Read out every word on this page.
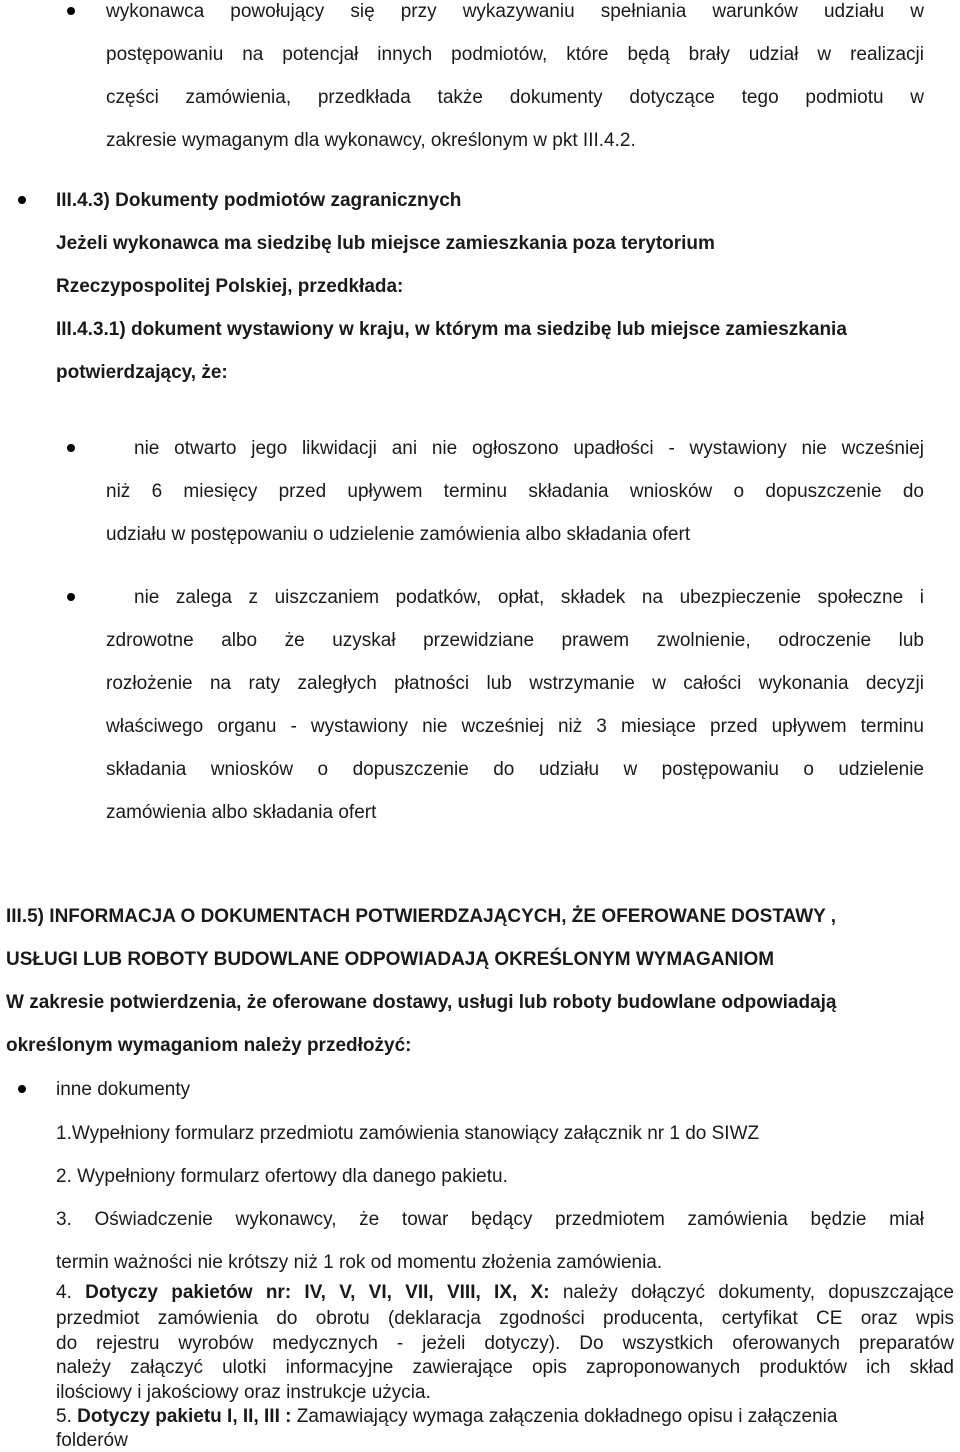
wykonawca powołujący się przy wykazywaniu spełniania warunków udziału w
postępowaniu na potencjał innych podmiotów, które będą brały udział w realizacji
części zamówienia, przedkłada także dokumenty dotyczące tego podmiotu w
zakresie wymaganym dla wykonawcy, określonym w pkt III.4.2.
III.4.3) Dokumenty podmiotów zagranicznych
Jeżeli wykonawca ma siedzibę lub miejsce zamieszkania poza terytorium
Rzeczypospolitej Polskiej, przedkłada:
III.4.3.1) dokument wystawiony w kraju, w którym ma siedzibę lub miejsce zamieszkania
potwierdzający, że:
nie otwarto jego likwidacji ani nie ogłoszono upadłości - wystawiony nie wcześniej
niż 6 miesięcy przed upływem terminu składania wniosków o dopuszczenie do
udziału w postępowaniu o udzielenie zamówienia albo składania ofert
nie zalega z uiszczaniem podatków, opłat, składek na ubezpieczenie społeczne i
zdrowotne albo że uzyskał przewidziane prawem zwolnienie, odroczenie lub
rozłożenie na raty zaległych płatności lub wstrzymanie w całości wykonania decyzji
właściwego organu - wystawiony nie wcześniej niż 3 miesiące przed upływem terminu
składania wniosków o dopuszczenie do udziału w postępowaniu o udzielenie
zamówienia albo składania ofert
III.5) INFORMACJA O DOKUMENTACH POTWIERDZAJĄCYCH, ŻE OFEROWANE DOSTAWY ,
USŁUGI LUB ROBOTY BUDOWLANE ODPOWIADAJĄ OKREŚLONYM WYMAGANIOM
W zakresie potwierdzenia, że oferowane dostawy, usługi lub roboty budowlane odpowiadają
określonym wymaganiom należy przedłożyć:
inne dokumenty
1.Wypełniony formularz przedmiotu zamówienia stanowiący załącznik nr 1 do SIWZ
2. Wypełniony formularz ofertowy dla danego pakietu.
3. Oświadczenie wykonawcy, że towar będący przedmiotem zamówienia będzie miał
termin ważności nie krótszy niż 1 rok od momentu złożenia zamówienia.
4. Dotyczy pakietów nr: IV, V, VI, VII, VIII, IX, X: należy dołączyć dokumenty, dopuszczające
przedmiot zamówienia do obrotu (deklaracja zgodności producenta, certyfikat CE oraz wpis
do rejestru wyrobów medycznych - jeżeli dotyczy). Do wszystkich oferowanych preparatów
należy załączyć ulotki informacyjne zawierające opis zaproponowanych produktów ich skład
ilościowy i jakościowy oraz instrukcje użycia.
5. Dotyczy pakietu I, II, III : Zamawiający wymaga załączenia dokładnego opisu i załączenia
folderów
